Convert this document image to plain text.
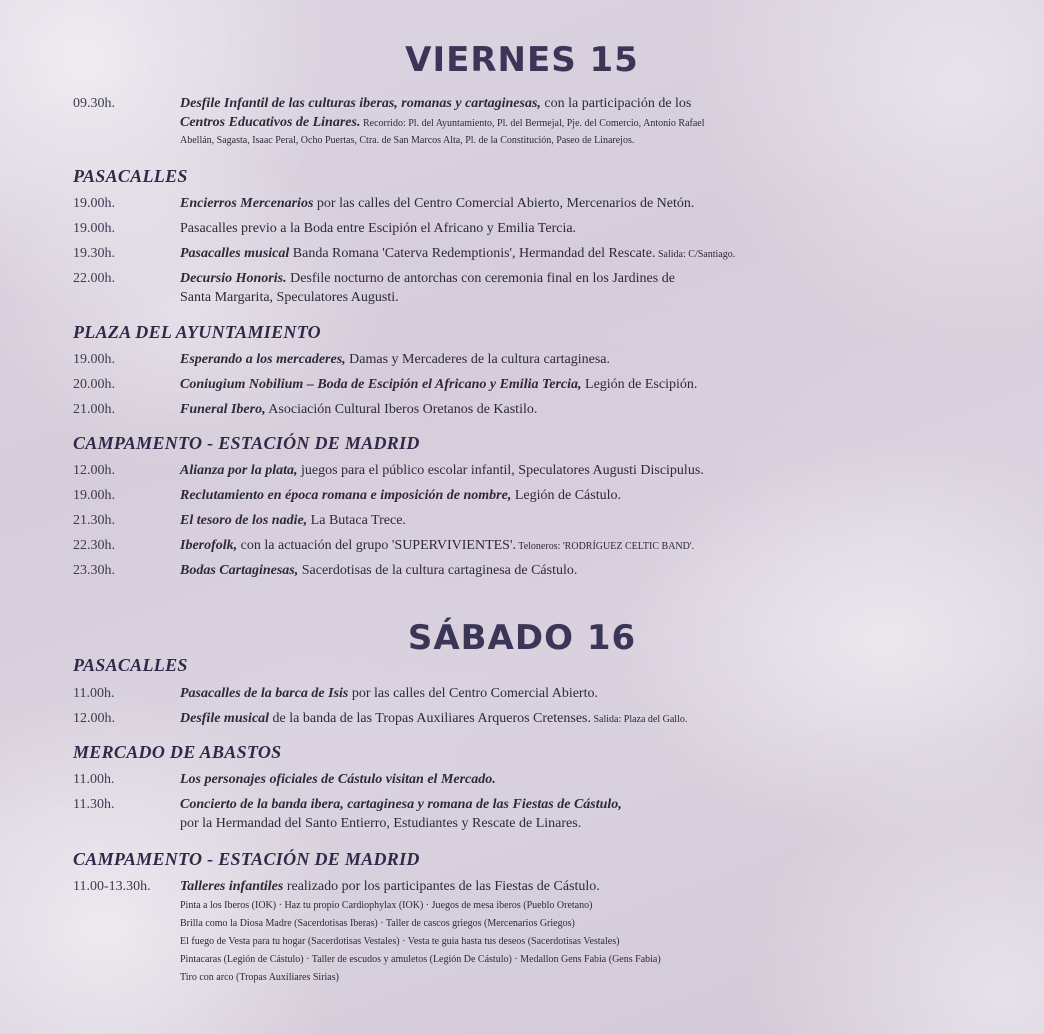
VIERNES 15
09.30h.	Desfile Infantil de las culturas iberas, romanas y cartaginesas, con la participación de los
Centros Educativos de Linares. Recorrido: Pl. del Ayuntamiento, Pl. del Bermejal, Pje. del Comercio, Antonio Rafael
Abellán, Sagasta, Isaac Peral, Ocho Puertas, Ctra. de San Marcos Alta, Pl. de la Constitución, Paseo de Linarejos.
PASACALLES
19.00h.	Encierros Mercenarios por las calles del Centro Comercial Abierto, Mercenarios de Netón.
19.00h.	Pasacalles previo a la Boda entre Escipión el Africano y Emilia Tercia.
19.30h.	Pasacalles musical Banda Romana 'Caterva Redemptionis', Hermandad del Rescate. Salida: C/Santiago.
22.00h.	Decursio Honoris. Desfile nocturno de antorchas con ceremonia final en los Jardines de
Santa Margarita, Speculatores Augusti.
PLAZA DEL AYUNTAMIENTO
19.00h.	Esperando a los mercaderes, Damas y Mercaderes de la cultura cartaginesa.
20.00h.	Coniugium Nobilium – Boda de Escipión el Africano y Emilia Tercia, Legión de Escipión.
21.00h.	Funeral Ibero, Asociación Cultural Iberos Oretanos de Kastilo.
CAMPAMENTO - ESTACIÓN DE MADRID
12.00h.	Alianza por la plata, juegos para el público escolar infantil, Speculatores Augusti Discipulus.
19.00h.	Reclutamiento en época romana e imposición de nombre, Legión de Cástulo.
21.30h.	El tesoro de los nadie, La Butaca Trece.
22.30h.	Iberofolk, con la actuación del grupo 'SUPERVIVIENTES'. Teloneros: 'RODRÍGUEZ CELTIC BAND'.
23.30h.	Bodas Cartaginesas, Sacerdotisas de la cultura cartaginesa de Cástulo.
SÁBADO 16
PASACALLES
11.00h.	Pasacalles de la barca de Isis por las calles del Centro Comercial Abierto.
12.00h.	Desfile musical de la banda de las Tropas Auxiliares Arqueros Cretenses. Salida: Plaza del Gallo.
MERCADO DE ABASTOS
11.00h.	Los personajes oficiales de Cástulo visitan el Mercado.
11.30h.	Concierto de la banda ibera, cartaginesa y romana de las Fiestas de Cástulo,
por la Hermandad del Santo Entierro, Estudiantes y Rescate de Linares.
CAMPAMENTO - ESTACIÓN DE MADRID
11.00-13.30h.	Talleres infantiles realizado por los participantes de las Fiestas de Cástulo.
Pinta a los Iberos (IOK) · Haz tu propio Cardiophylax (IOK) · Juegos de mesa iberos (Pueblo Oretano)
Brilla como la Diosa Madre (Sacerdotisas Iberas) · Taller de cascos griegos (Mercenarios Griegos)
El fuego de Vesta para tu hogar (Sacerdotisas Vestales) · Vesta te guía hasta tus deseos (Sacerdotisas Vestales)
Pintacaras (Legión de Cástulo) · Taller de escudos y amuletos (Legión De Cástulo) · Medallon Gens Fabia (Gens Fabia)
Tiro con arco (Tropas Auxiliares Sirias)
